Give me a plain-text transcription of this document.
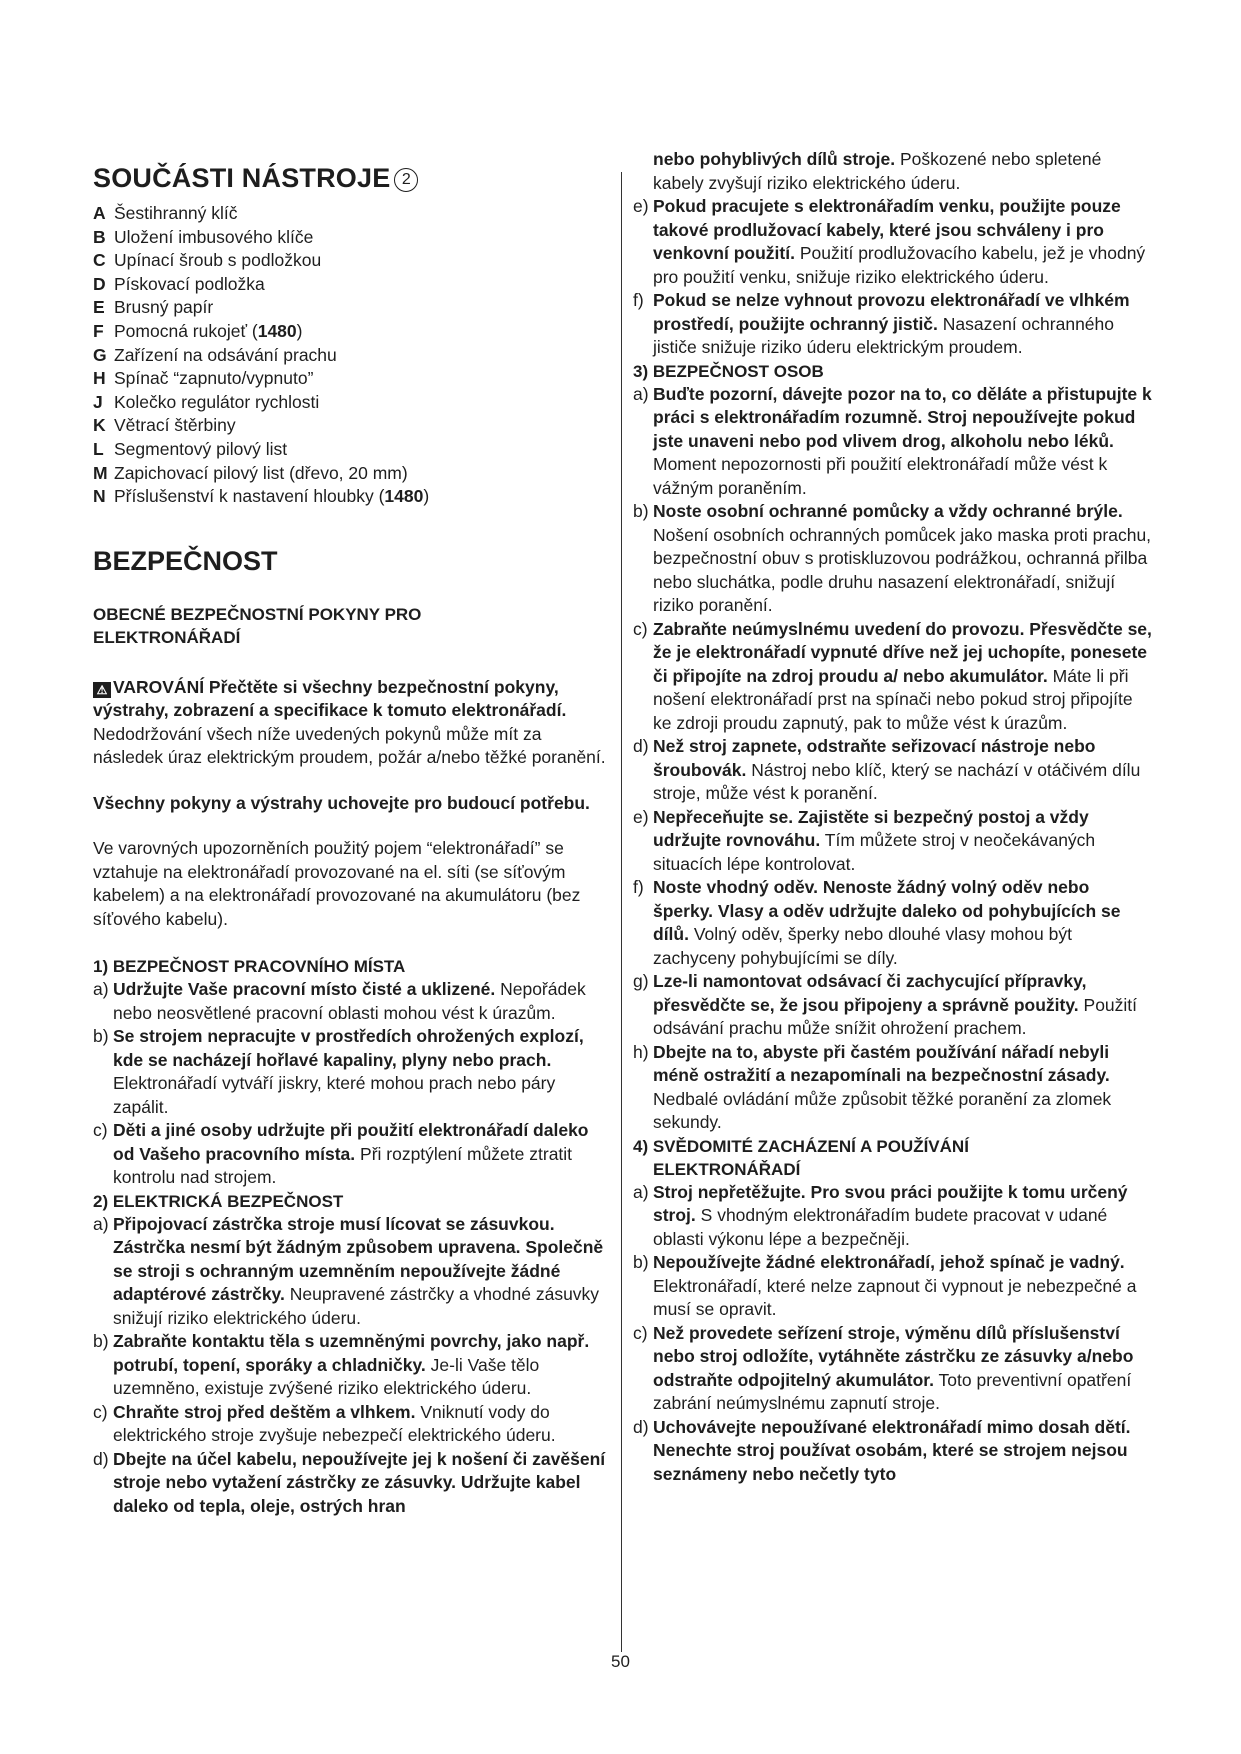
SOUČÁSTI NÁSTROJE 2
A Šestihranný klíč
B Uložení imbusového klíče
C Upínací šroub s podložkou
D Pískovací podložka
E Brusný papír
F Pomocná rukojeť (1480)
G Zařízení na odsávání prachu
H Spínač “zapnuto/vypnuto”
J Kolečko regulátor rychlosti
K Větrací štěrbiny
L Segmentový pilový list
M Zapichovací pilový list (dřevo, 20 mm)
N Příslušenství k nastavení hloubky (1480)
BEZPEČNOST
OBECNÉ BEZPEČNOSTNÍ POKYNY PRO
ELEKTRONÁŘADÍ

⚠ VAROVÁNÍ Přečtěte si všechny bezpečnostní pokyny, výstrahy, zobrazení a specifikace k tomuto elektronářadí. Nedodržování všech níže uvedených pokynů může mít za následek úraz elektrickým proudem, požár a/nebo těžké poranění.

Všechny pokyny a výstrahy uchovejte pro budoucí potřebu.

Ve varovných upozorněních použitý pojem “elektronářadí” se vztahuje na elektronářadí provozované na el. síti (se síťovým kabelem) a na elektronářadí provozované na akumulátoru (bez síťového kabelu).

1) BEZPEČNOST PRACOVNÍHO MÍSTA

a) Udržujte Vaše pracovní místo čisté a uklizené. Nepořádek nebo neosvětlené pracovní oblasti mohou vést k úrazům.

b) Se strojem nepracujte v prostředích ohrožených explozí, kde se nacházejí hořlavé kapaliny, plyny nebo prach. Elektronářadí vytváří jiskry, které mohou prach nebo páry zapálit.

c) Děti a jiné osoby udržujte při použití elektronářadí daleko od Vašeho pracovního místa. Při rozptýlení můžete ztratit kontrolu nad strojem.

2) ELEKTRICKÁ BEZPEČNOST

a) Připojovací zástrčka stroje musí lícovat se zásuvkou. Zástrčka nesmí být žádným způsobem upravena. Společně se stroji s ochranným uzemněním nepoužívejte žádné adaptérové zástrčky. Neupravené zástrčky a vhodné zásuvky snižují riziko elektrického úderu.

b) Zabraňte kontaktu těla s uzemněnými povrchy, jako např. potrubí, topení, sporáky a chladničky. Je-li Vaše tělo uzemněno, existuje zvýšené riziko elektrického úderu.

c) Chraňte stroj před deštěm a vlhkem. Vniknutí vody do elektrického stroje zvyšuje nebezpečí elektrického úderu.

d) Dbejte na účel kabelu, nepoužívejte jej k nošení či zavěšení stroje nebo vytažení zástrčky ze zásuvky. Udržujte kabel daleko od tepla, oleje, ostrých hran

nebo pohyblivých dílů stroje. Poškozené nebo spletené kabely zvyšují riziko elektrického úderu.

e) Pokud pracujete s elektronářadím venku, použijte pouze takové prodlužovací kabely, které jsou schváleny i pro venkovní použití. Použití prodlužovacího kabelu, jež je vhodný pro použití venku, snižuje riziko elektrického úderu.

f) Pokud se nelze vyhnout provozu elektronářadí ve vlhkém prostředí, použijte ochranný jistič. Nasazení ochranného jističe snižuje riziko úderu elektrickým proudem.

3) BEZPEČNOST OSOB

a) Buďte pozorní, dávejte pozor na to, co děláte a přistupujte k práci s elektronářadím rozumně. Stroj nepoužívejte pokud jste unaveni nebo pod vlivem drog, alkoholu nebo léků. Moment nepozornosti při použití elektronářadí může vést k vážným poraněním.

b) Noste osobní ochranné pomůcky a vždy ochranné brýle. Nošení osobních ochranných pomůcek jako maska proti prachu, bezpečnostní obuv s protiskluzovou podrážkou, ochranná přilba nebo sluchátka, podle druhu nasazení elektronářadí, snižují riziko poranění.

c) Zabraňte neúmyslnému uvedení do provozu. Přesvědčte se, že je elektronářadí vypnuté dříve než jej uchopíte, ponesete či připojíte na zdroj proudu a/ nebo akumulátor. Máte li při nošení elektronářadí prst na spínači nebo pokud stroj připojíte ke zdroji proudu zapnutý, pak to může vést k úrazům.

d) Než stroj zapnete, odstraňte seřizovací nástroje nebo šroubovák. Nástroj nebo klíč, který se nachází v otáčivém dílu stroje, může vést k poranění.

e) Nepřeceňujte se. Zajistěte si bezpečný postoj a vždy udržujte rovnováhu. Tím můžete stroj v neočekávaných situacích lépe kontrolovat.

f) Noste vhodný oděv. Nenoste žádný volný oděv nebo šperky. Vlasy a oděv udržujte daleko od pohybujících se dílů. Volný oděv, šperky nebo dlouhé vlasy mohou být zachyceny pohybujícími se díly.

g) Lze-li namontovat odsávací či zachycující přípravky, přesvědčte se, že jsou připojeny a správně použity. Použití odsávání prachu může snížit ohrožení prachem.

h) Dbejte na to, abyste při častém používání nářadí nebyli méně ostražití a nezapomínali na bezpečnostní zásady. Nedbalé ovládání může způsobit těžké poranění za zlomek sekundy.

4) SVĚDOMITÉ ZACHÁZENÍ A POUŽÍVÁNÍ
ELEKTRONÁŘADÍ

a) Stroj nepřetěžujte. Pro svou práci použijte k tomu určený stroj. S vhodným elektronářadím budete pracovat v udané oblasti výkonu lépe a bezpečněji.

b) Nepoužívejte žádné elektronářadí, jehož spínač je vadný. Elektronářadí, které nelze zapnout či vypnout je nebezpečné a musí se opravit.

c) Než provedete seřízení stroje, výměnu dílů příslušenství nebo stroj odložíte, vytáhněte zástrčku ze zásuvky a/nebo odstraňte odpojitelný akumulátor. Toto preventivní opatření zabrání neúmyslnému zapnutí stroje.

d) Uchovávejte nepoužívané elektronářadí mimo dosah dětí. Nenechte stroj používat osobám, které se strojem nejsou seznámeny nebo nečetly tyto

50
